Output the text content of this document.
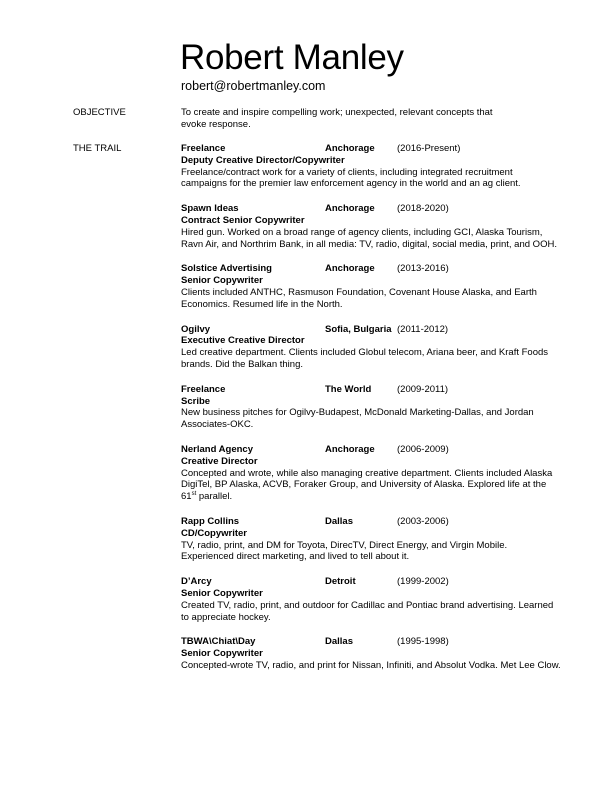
Robert Manley
robert@robertmanley.com
OBJECTIVE	To create and inspire compelling work; unexpected, relevant concepts that evoke response.
THE TRAIL	Freelance	Anchorage	(2016-Present)
Deputy Creative Director/Copywriter
Freelance/contract work for a variety of clients, including integrated recruitment campaigns for the premier law enforcement agency in the world and an ag client.
Spawn Ideas	Anchorage	(2018-2020)
Contract Senior Copywriter
Hired gun. Worked on a broad range of agency clients, including GCI, Alaska Tourism, Ravn Air, and Northrim Bank, in all media: TV, radio, digital, social media, print, and OOH.
Solstice Advertising	Anchorage	(2013-2016)
Senior Copywriter
Clients included ANTHC, Rasmuson Foundation, Covenant House Alaska, and Earth Economics. Resumed life in the North.
Ogilvy	Sofia, Bulgaria (2011-2012)
Executive Creative Director
Led creative department. Clients included Globul telecom, Ariana beer, and Kraft Foods brands. Did the Balkan thing.
Freelance	The World	(2009-2011)
Scribe
New business pitches for Ogilvy-Budapest, McDonald Marketing-Dallas, and Jordan Associates-OKC.
Nerland Agency	Anchorage	(2006-2009)
Creative Director
Concepted and wrote, while also managing creative department. Clients included Alaska DigiTel, BP Alaska, ACVB, Foraker Group, and University of Alaska. Explored life at the 61st parallel.
Rapp Collins	Dallas	(2003-2006)
CD/Copywriter
TV, radio, print, and DM for Toyota, DirecTV, Direct Energy, and Virgin Mobile. Experienced direct marketing, and lived to tell about it.
D’Arcy	Detroit	(1999-2002)
Senior Copywriter
Created TV, radio, print, and outdoor for Cadillac and Pontiac brand advertising. Learned to appreciate hockey.
TBWA\Chiat\Day	Dallas	(1995-1998)
Senior Copywriter
Concepted-wrote TV, radio, and print for Nissan, Infiniti, and Absolut Vodka. Met Lee Clow.
